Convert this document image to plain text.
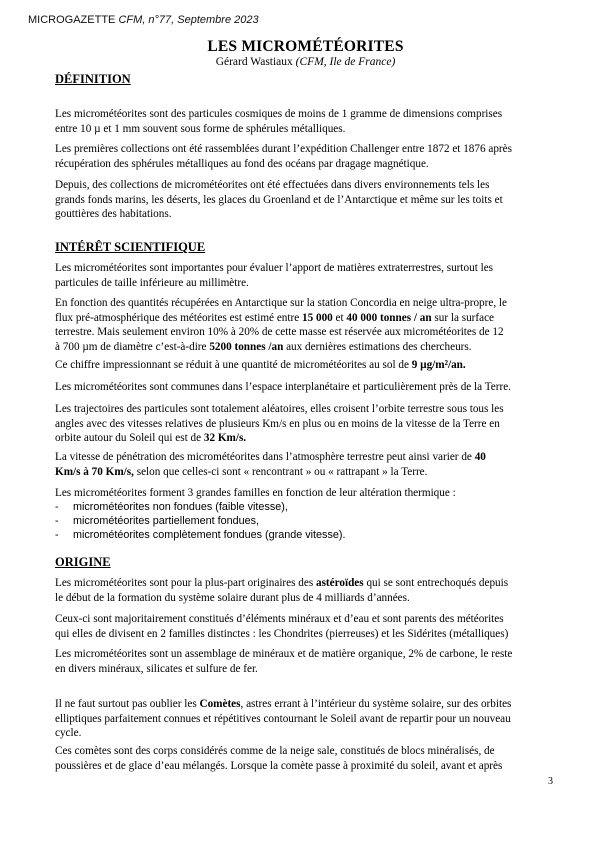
MICROGAZETTE CFM, n°77, Septembre 2023
LES MICROMÉTÉORITES
Gérard Wastiaux (CFM, Ile de France)
DÉFINITION
Les micrométéorites sont des particules cosmiques de moins de 1 gramme de dimensions comprises
entre 10 µ et 1 mm souvent sous forme de sphérules métalliques.
Les premières collections ont été rassemblées durant l’expédition Challenger entre 1872 et 1876 après
récupération des sphérules métalliques au fond des océans par dragage magnétique.
Depuis, des collections de micrométéorites ont été effectuées dans divers environnements tels les
grands fonds marins, les déserts, les glaces du Groenland et de l’Antarctique et même sur les toits et
gouttières des habitations.
INTÉRÊT SCIENTIFIQUE
Les micrométéorites sont importantes pour évaluer l’apport de matières extraterrestres, surtout les
particules de taille inférieure au millimètre.
En fonction des quantités récupérées en Antarctique sur la station Concordia en neige ultra-propre, le
flux pré-atmosphérique des météorites est estimé entre 15 000 et 40 000 tonnes / an sur la surface
terrestre. Mais seulement environ 10% à 20% de cette masse est réservée aux micrométéorites de 12
à 700 µm de diamètre c’est-à-dire 5200 tonnes /an aux dernières estimations des chercheurs.
Ce chiffre impressionnant se réduit à une quantité de micrométéorites au sol de 9 µg/m²/an.
Les micrométéorites sont communes dans l’espace interplanétaire et particulièrement près de la Terre.
Les trajectoires des particules sont totalement aléatoires, elles croisent l’orbite terrestre sous tous les
angles avec des vitesses relatives de plusieurs Km/s en plus ou en moins de la vitesse de la Terre en
orbite autour du Soleil qui est de 32 Km/s.
La vitesse de pénétration des micrométéorites dans l’atmosphère terrestre peut ainsi varier de 40
Km/s à 70 Km/s, selon que celles-ci sont « rencontrant » ou « rattrapant » la Terre.
Les micrométéorites forment 3 grandes familles en fonction de leur altération thermique :
-	micrométéorites non fondues (faible vitesse),
-	micrométéorites partiellement fondues,
-	micrométéorites complètement fondues (grande vitesse).
ORIGINE
Les micrométéorites sont pour la plus-part originaires des astéroïdes qui se sont entrechoqués depuis
le début de la formation du système solaire durant plus de 4 milliards d’années.
Ceux-ci sont majoritairement constitués d’éléments minéraux et d’eau et sont parents des météorites
qui elles de divisent en 2 familles distinctes : les Chondrites (pierreuses) et les Sidérites (métalliques)
Les micrométéorites sont un assemblage de minéraux et de matière organique, 2% de carbone, le reste
en divers minéraux, silicates et sulfure de fer.
Il ne faut surtout pas oublier les Comètes, astres errant à l’intérieur du système solaire, sur des orbites
elliptiques parfaitement connues et répétitives contournant le Soleil avant de repartir pour un nouveau
cycle.
Ces comètes sont des corps considérés comme de la neige sale, constitués de blocs minéralisés, de
poussières et de glace d’eau mélangés. Lorsque la comète passe à proximité du soleil, avant et après
3
